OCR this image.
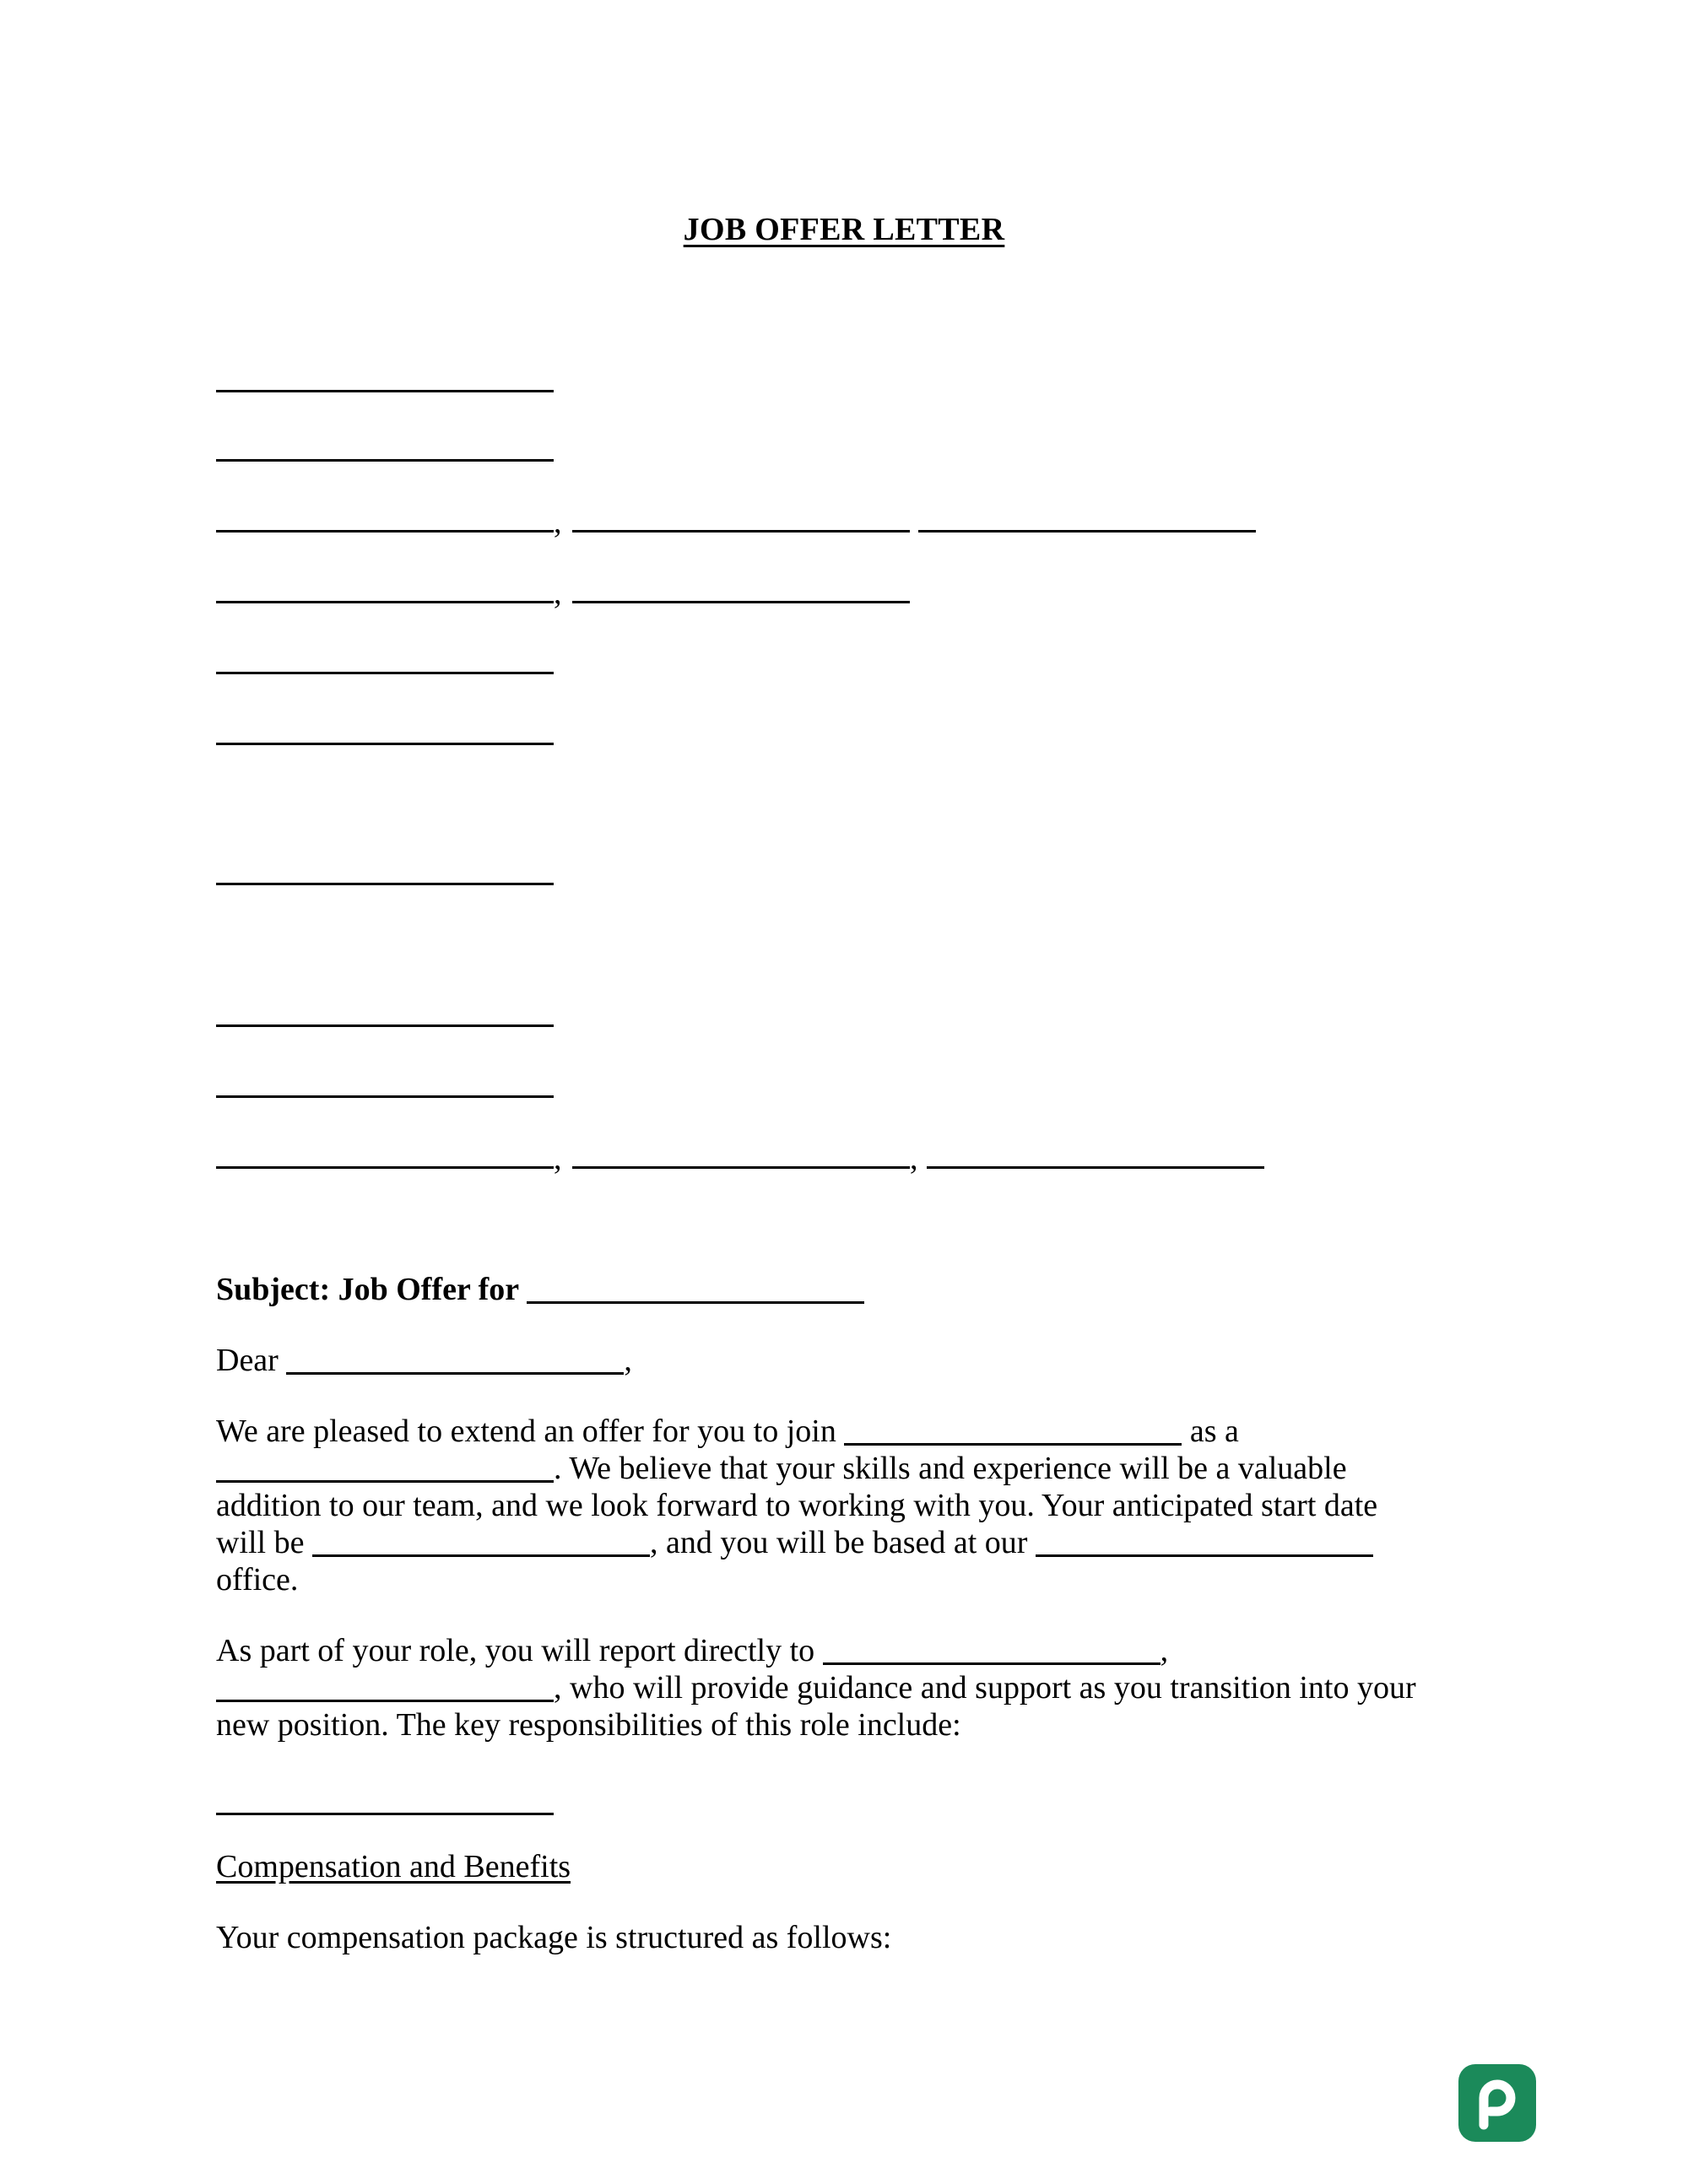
JOB OFFER LETTER
,
,
,	,
Subject: Job Offer for
Dear	,
We are pleased to extend an offer for you to join	as a
. We believe that your skills and experience will be a valuable
addition to our team, and we look forward to working with you. Your anticipated start date
will be	, and you will be based at our
office.
As part of your role, you will report directly to	,
, who will provide guidance and support as you transition into your
new position. The key responsibilities of this role include:
Compensation and Benefits
Your compensation package is structured as follows:
